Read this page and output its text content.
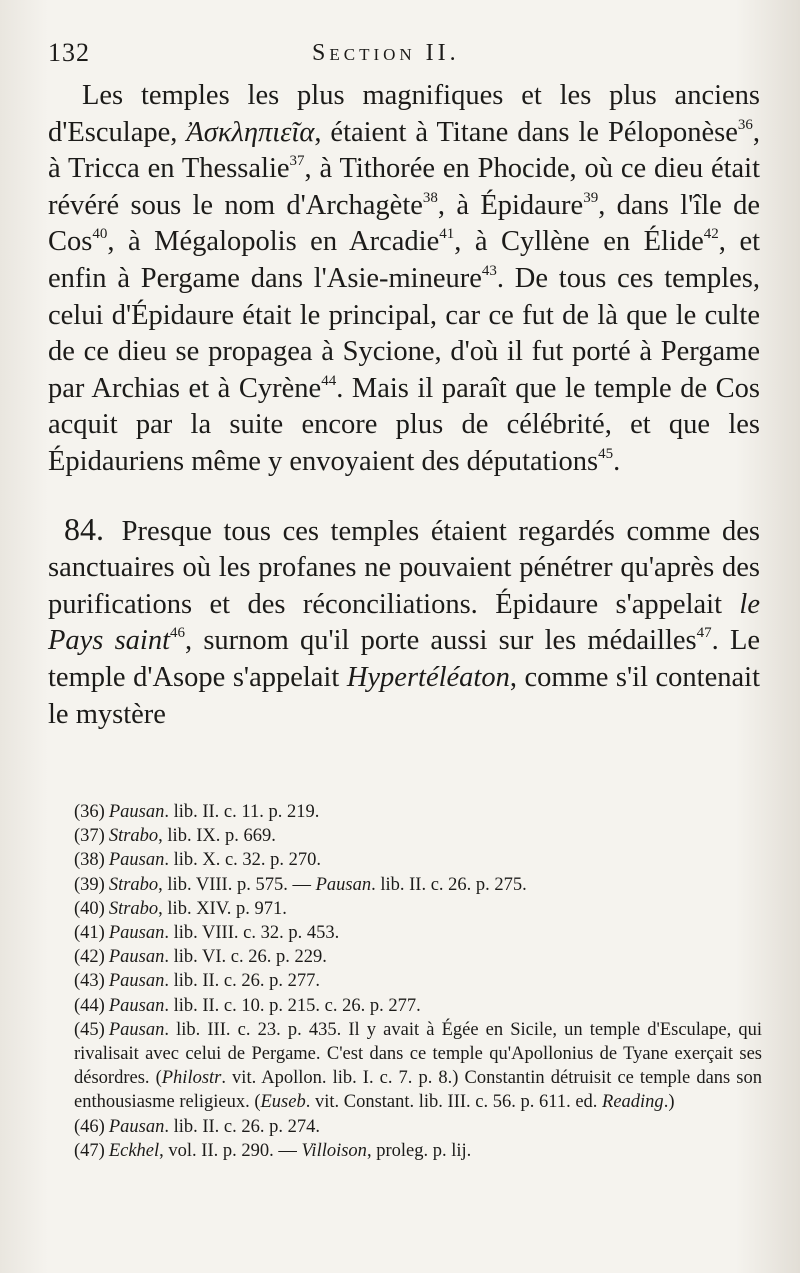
132	Section II.

Les temples les plus magnifiques et les plus anciens d'Esculape, Ἀσκληπιεῖα, étaient à Titane dans le Péloponèse$^{36}$, à Tricca en Thessalie$^{37}$, à Tithorée en Phocide, où ce dieu était révéré sous le nom d'Archagète$^{38}$, à Épidaure$^{39}$, dans l'île de Cos$^{40}$, à Mégalopolis en Arcadie$^{41}$, à Cyllène en Élide$^{42}$, et enfin à Pergame dans l'Asie-mineure$^{43}$. De tous ces temples, celui d'Épidaure était le principal, car ce fut de là que le culte de ce dieu se propagea à Sycione, d'où il fut porté à Pergame par Archias et à Cyrène$^{44}$. Mais il paraît que le temple de Cos acquit par la suite encore plus de célébrité, et que les Épidauriens même y envoyaient des députations$^{45}$.

84. Presque tous ces temples étaient regardés comme des sanctuaires où les profanes ne pouvaient pénétrer qu'après des purifications et des réconciliations. Épidaure s'appelait le Pays saint$^{46}$, surnom qu'il porte aussi sur les médailles$^{47}$. Le temple d'Asope s'appelait Hypertéléaton, comme s'il contenait le mystère

(36) Pausan. lib. II. c. 11. p. 219.

(37) Strabo, lib. IX. p. 669.

(38) Pausan. lib. X. c. 32. p. 270.

(39) Strabo, lib. VIII. p. 575. — Pausan. lib. II. c. 26. p. 275.

(40) Strabo, lib. XIV. p. 971.

(41) Pausan. lib. VIII. c. 32. p. 453.

(42) Pausan. lib. VI. c. 26. p. 229.

(43) Pausan. lib. II. c. 26. p. 277.

(44) Pausan. lib. II. c. 10. p. 215. c. 26. p. 277.

(45) Pausan. lib. III. c. 23. p. 435. Il y avait à Égée en Sicile, un temple d'Esculape, qui rivalisait avec celui de Pergame. C'est dans ce temple qu'Apollonius de Tyane exerçait ses désordres. (Philostr. vit. Apollon. lib. I. c. 7. p. 8.) Constantin détruisit ce temple dans son enthousiasme religieux. (Euseb. vit. Constant. lib. III. c. 56. p. 611. ed. Reading.)

(46) Pausan. lib. II. c. 26. p. 274.

(47) Eckhel, vol. II. p. 290. — Villoison, proleg. p. lij.
